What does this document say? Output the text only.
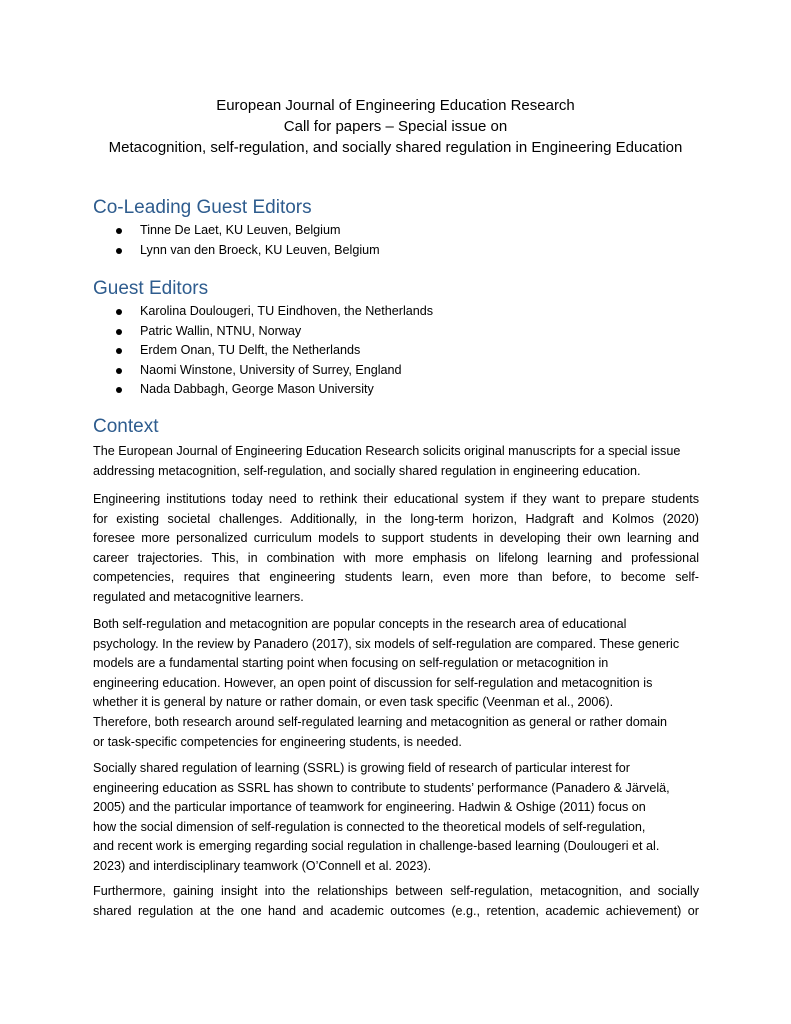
European Journal of Engineering Education Research
Call for papers – Special issue on
Metacognition, self-regulation, and socially shared regulation in Engineering Education
Co-Leading Guest Editors
Tinne De Laet, KU Leuven, Belgium
Lynn van den Broeck, KU Leuven, Belgium
Guest Editors
Karolina Doulougeri, TU Eindhoven, the Netherlands
Patric Wallin, NTNU, Norway
Erdem Onan, TU Delft, the Netherlands
Naomi Winstone, University of Surrey, England
Nada Dabbagh, George Mason University
Context
The European Journal of Engineering Education Research solicits original manuscripts for a special issue
addressing metacognition, self-regulation, and socially shared regulation in engineering education.
Engineering institutions today need to rethink their educational system if they want to prepare students
for existing societal challenges. Additionally, in the long-term horizon, Hadgraft and Kolmos (2020)
foresee more personalized curriculum models to support students in developing their own learning and
career trajectories. This, in combination with more emphasis on lifelong learning and professional
competencies, requires that engineering students learn, even more than before, to become self-
regulated and metacognitive learners.
Both self-regulation and metacognition are popular concepts in the research area of educational
psychology. In the review by Panadero (2017), six models of self-regulation are compared. These generic
models are a fundamental starting point when focusing on self-regulation or metacognition in
engineering education. However, an open point of discussion for self-regulation and metacognition is
whether it is general by nature or rather domain, or even task specific (Veenman et al., 2006).
Therefore, both research around self-regulated learning and metacognition as general or rather domain
or task-specific competencies for engineering students, is needed.
Socially shared regulation of learning (SSRL) is growing field of research of particular interest for
engineering education as SSRL has shown to contribute to students’ performance (Panadero & Järvelä,
2005) and the particular importance of teamwork for engineering. Hadwin & Oshige (2011) focus on
how the social dimension of self-regulation is connected to the theoretical models of self-regulation,
and recent work is emerging regarding social regulation in challenge-based learning (Doulougeri et al.
2023) and interdisciplinary teamwork (O’Connell et al. 2023).
Furthermore, gaining insight into the relationships between self-regulation, metacognition, and socially
shared regulation at the one hand and academic outcomes (e.g., retention, academic achievement) or
